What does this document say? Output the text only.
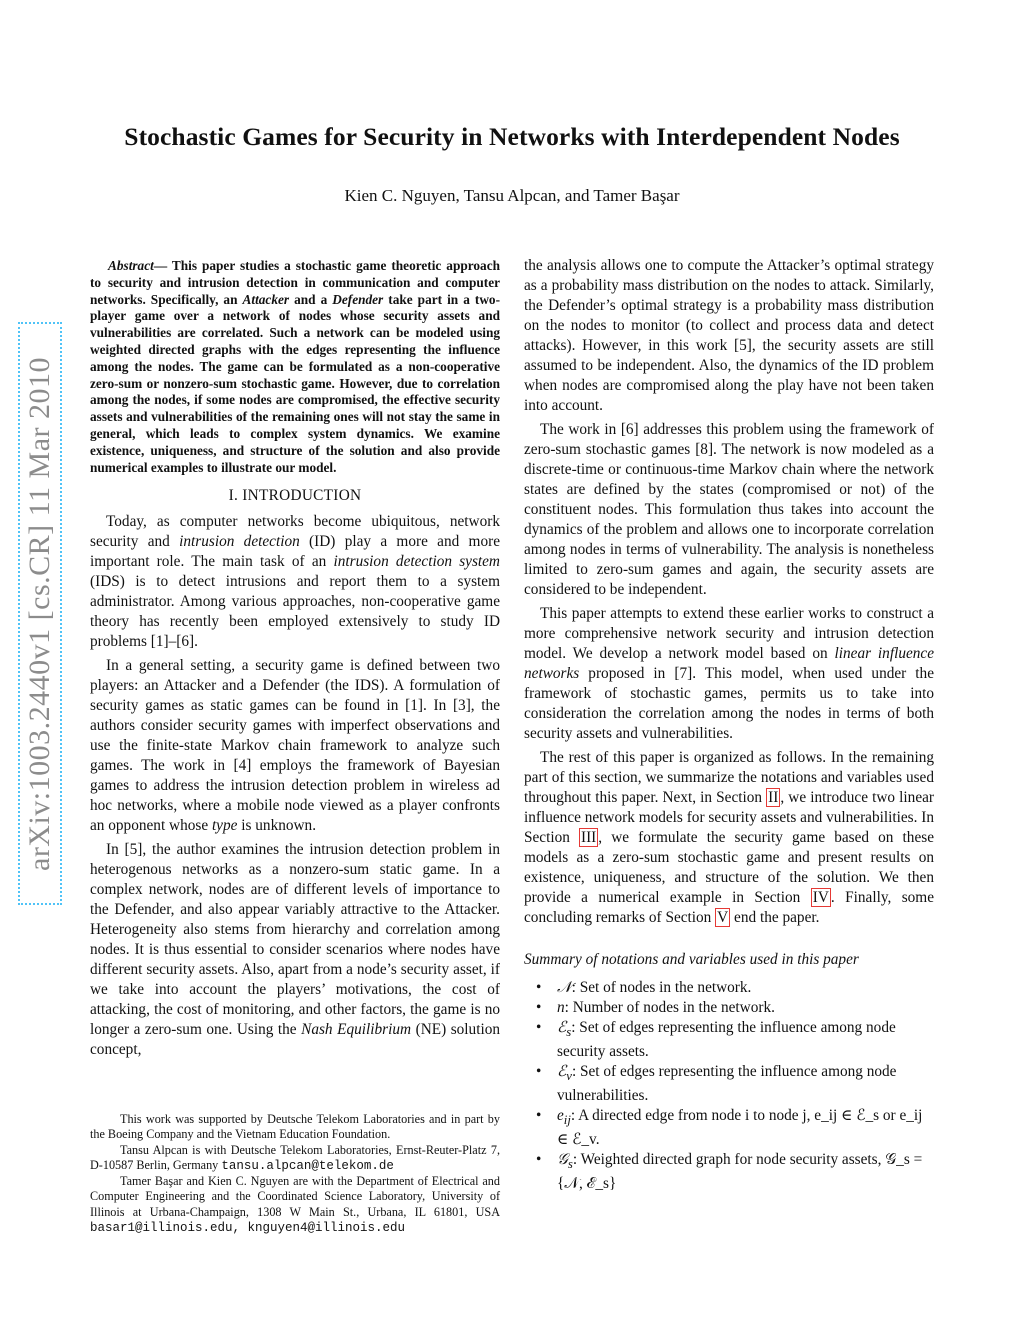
arXiv:1003.2440v1 [cs.CR] 11 Mar 2010
Stochastic Games for Security in Networks with Interdependent Nodes
Kien C. Nguyen, Tansu Alpcan, and Tamer Başar

Abstract— This paper studies a stochastic game theoretic approach to security and intrusion detection in communication and computer networks. Specifically, an Attacker and a Defender take part in a two-player game over a network of nodes whose security assets and vulnerabilities are correlated. Such a network can be modeled using weighted directed graphs with the edges representing the influence among the nodes. The game can be formulated as a non-cooperative zero-sum or nonzero-sum stochastic game. However, due to correlation among the nodes, if some nodes are compromised, the effective security assets and vulnerabilities of the remaining ones will not stay the same in general, which leads to complex system dynamics. We examine existence, uniqueness, and structure of the solution and also provide numerical examples to illustrate our model.

I. INTRODUCTION

Today, as computer networks become ubiquitous, network security and intrusion detection (ID) play a more and more important role. The main task of an intrusion detection system (IDS) is to detect intrusions and report them to a system administrator. Among various approaches, non-cooperative game theory has recently been employed extensively to study ID problems [1]–[6].

In a general setting, a security game is defined between two players: an Attacker and a Defender (the IDS). A formulation of security games as static games can be found in [1]. In [3], the authors consider security games with imperfect observations and use the finite-state Markov chain framework to analyze such games. The work in [4] employs the framework of Bayesian games to address the intrusion detection problem in wireless ad hoc networks, where a mobile node viewed as a player confronts an opponent whose type is unknown.

In [5], the author examines the intrusion detection problem in heterogenous networks as a nonzero-sum static game. In a complex network, nodes are of different levels of importance to the Defender, and also appear variably attractive to the Attacker. Heterogeneity also stems from hierarchy and correlation among nodes. It is thus essential to consider scenarios where nodes have different security assets. Also, apart from a node’s security asset, if we take into account the players’ motivations, the cost of attacking, the cost of monitoring, and other factors, the game is no longer a zero-sum one. Using the Nash Equilibrium (NE) solution concept,

This work was supported by Deutsche Telekom Laboratories and in part by the Boeing Company and the Vietnam Education Foundation.

Tansu Alpcan is with Deutsche Telekom Laboratories, Ernst-Reuter-Platz 7, D-10587 Berlin, Germany tansu.alpcan@telekom.de

Tamer Başar and Kien C. Nguyen are with the Department of Electrical and Computer Engineering and the Coordinated Science Laboratory, University of Illinois at Urbana-Champaign, 1308 W Main St., Urbana, IL 61801, USA basar1@illinois.edu, knguyen4@illinois.edu

the analysis allows one to compute the Attacker’s optimal strategy as a probability mass distribution on the nodes to attack. Similarly, the Defender’s optimal strategy is a probability mass distribution on the nodes to monitor (to collect and process data and detect attacks). However, in this work [5], the security assets are still assumed to be independent. Also, the dynamics of the ID problem when nodes are compromised along the play have not been taken into account.

The work in [6] addresses this problem using the framework of zero-sum stochastic games [8]. The network is now modeled as a discrete-time or continuous-time Markov chain where the network states are defined by the states (compromised or not) of the constituent nodes. This formulation thus takes into account the dynamics of the problem and allows one to incorporate correlation among nodes in terms of vulnerability. The analysis is nonetheless limited to zero-sum games and again, the security assets are considered to be independent.

This paper attempts to extend these earlier works to construct a more comprehensive network security and intrusion detection model. We develop a network model based on linear influence networks proposed in [7]. This model, when used under the framework of stochastic games, permits us to take into consideration the correlation among the nodes in terms of both security assets and vulnerabilities.

The rest of this paper is organized as follows. In the remaining part of this section, we summarize the notations and variables used throughout this paper. Next, in Section II , we introduce two linear influence network models for security assets and vulnerabilities. In Section III , we formulate the security game based on these models as a zero-sum stochastic game and present results on existence, uniqueness, and structure of the solution. We then provide a numerical example in Section IV . Finally, some concluding remarks of Section V end the paper.

Summary of notations and variables used in this paper

• 𝒩: Set of nodes in the network.
• n: Number of nodes in the network.
• ℰ$_s$: Set of edges representing the influence among node security assets.
• ℰ$_v$: Set of edges representing the influence among node vulnerabilities.
• $e_{ij}$: A directed edge from node i to node j, e_ij ∈ ℰ_s or e_ij ∈ ℰ_v.
• 𝒢$_s$: Weighted directed graph for node security assets, 𝒢_s = {𝒩, ℰ_s}
